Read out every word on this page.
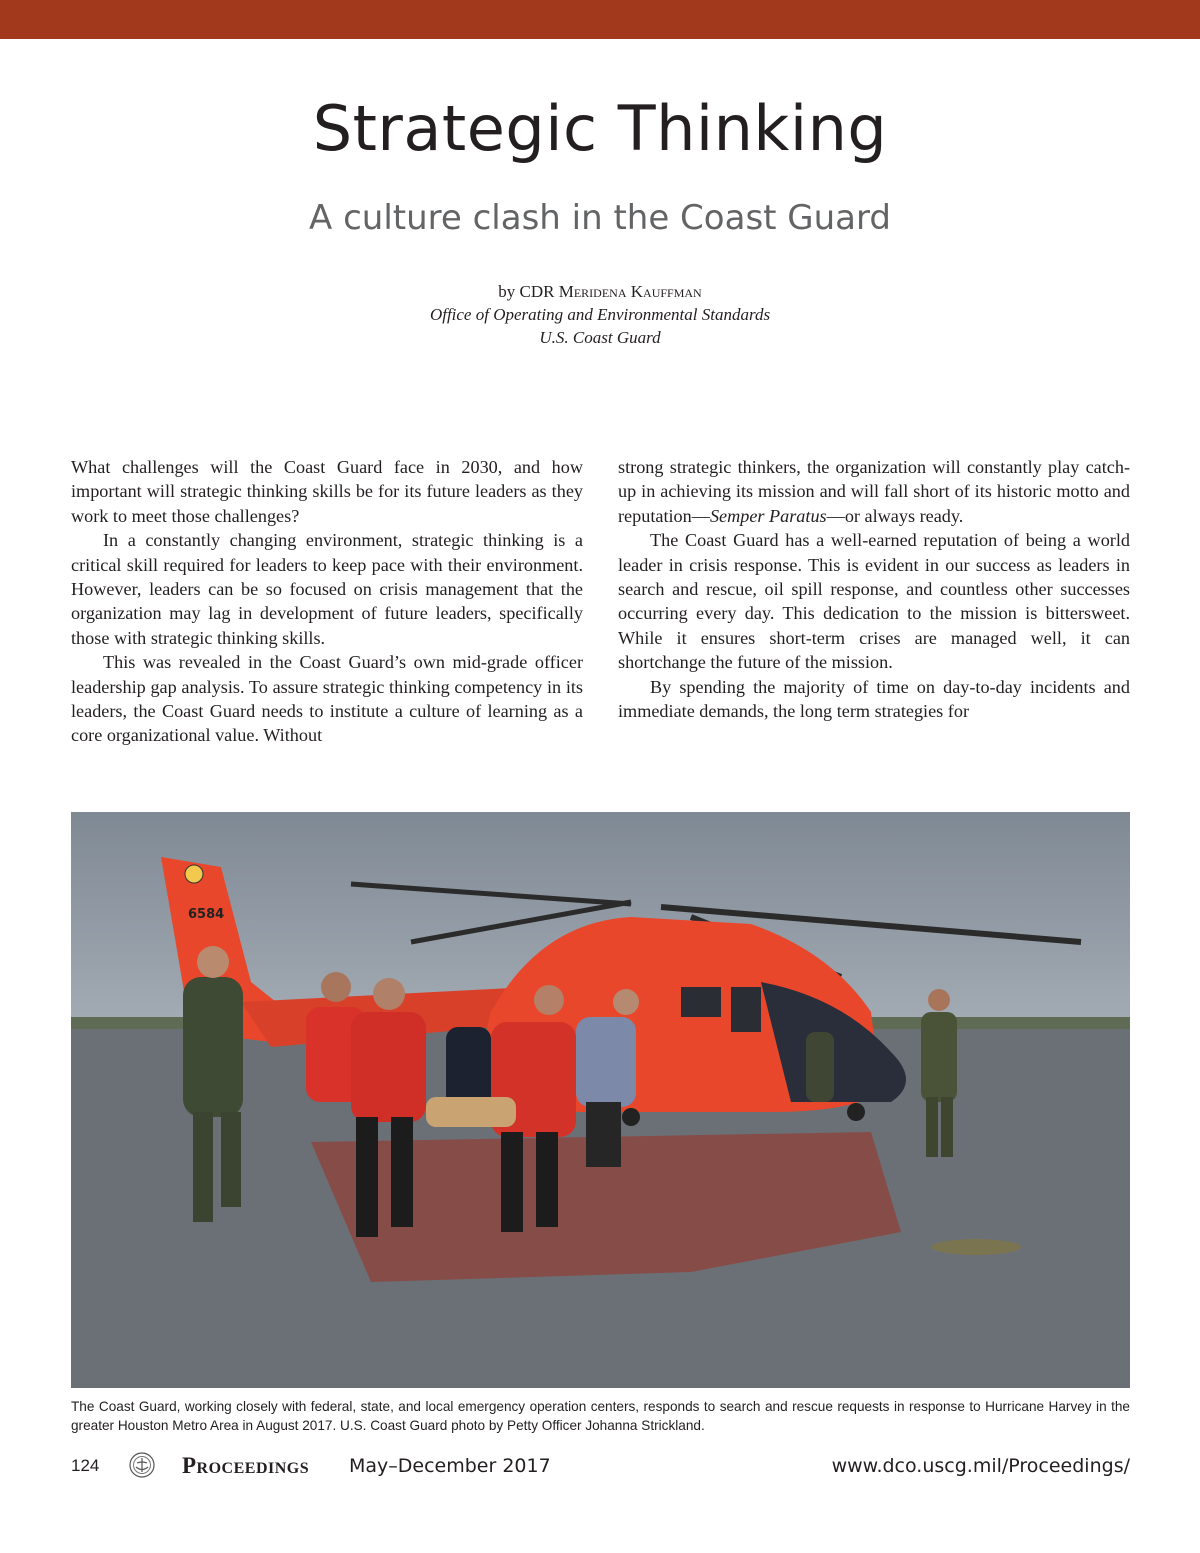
Strategic Thinking
A culture clash in the Coast Guard
by CDR Meridena Kauffman
Office of Operating and Environmental Standards
U.S. Coast Guard

What challenges will the Coast Guard face in 2030, and how important will strategic thinking skills be for its future leaders as they work to meet those challenges?

In a constantly changing environment, strategic thinking is a critical skill required for leaders to keep pace with their environment. However, leaders can be so focused on crisis management that the organization may lag in development of future leaders, specifically those with strategic thinking skills.

This was revealed in the Coast Guard’s own mid-grade officer leadership gap analysis. To assure strategic thinking competency in its leaders, the Coast Guard needs to institute a culture of learning as a core organizational value. Without

strong strategic thinkers, the organization will constantly play catch-up in achieving its mission and will fall short of its historic motto and reputation—Semper Paratus—or always ready.

The Coast Guard has a well-earned reputation of being a world leader in crisis response. This is evident in our success as leaders in search and rescue, oil spill response, and countless other successes occurring every day. This dedication to the mission is bittersweet. While it ensures short-term crises are managed well, it can shortchange the future of the mission.

By spending the majority of time on day-to-day incidents and immediate demands, the long term strategies for

6584
The Coast Guard, working closely with federal, state, and local emergency operation centers, responds to search and rescue requests in response to Hurricane Harvey in the greater Houston Metro Area in August 2017. U.S. Coast Guard photo by Petty Officer Johanna Strickland.
124	Proceedings May–December 2017	www.dco.uscg.mil/Proceedings/
